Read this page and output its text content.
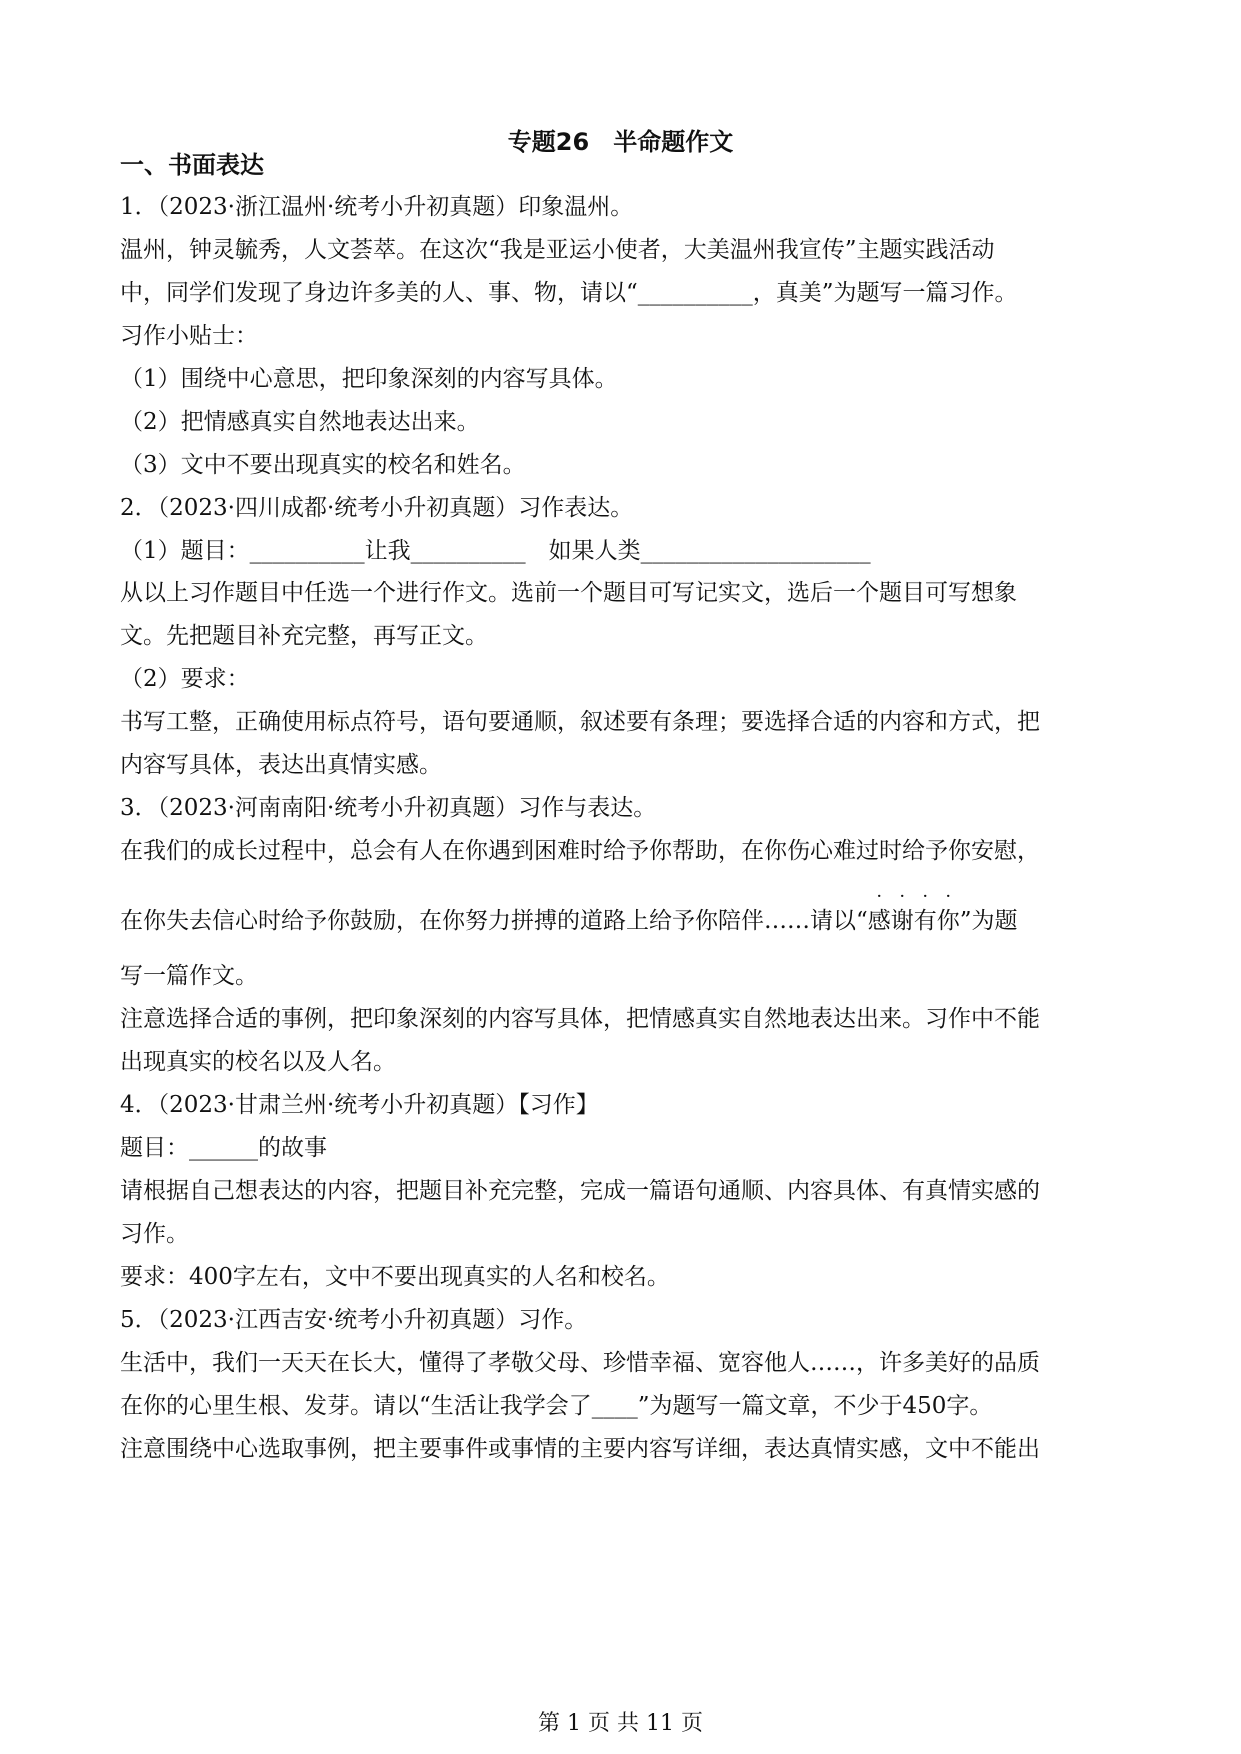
专题26　半命题作文
一、书面表达
1．（2023·浙江温州·统考小升初真题）印象温州。
温州，钟灵毓秀，人文荟萃。在这次“我是亚运小使者，大美温州我宣传”主题实践活动
中，同学们发现了身边许多美的人、事、物，请以“__________，真美”为题写一篇习作。
习作小贴士：
（1）围绕中心意思，把印象深刻的内容写具体。
（2）把情感真实自然地表达出来。
（3）文中不要出现真实的校名和姓名。
2．（2023·四川成都·统考小升初真题）习作表达。
（1）题目：__________让我__________　如果人类____________________
从以上习作题目中任选一个进行作文。选前一个题目可写记实文，选后一个题目可写想象
文。先把题目补充完整，再写正文。
（2）要求：
书写工整，正确使用标点符号，语句要通顺，叙述要有条理；要选择合适的内容和方式，把
内容写具体，表达出真情实感。
3．（2023·河南南阳·统考小升初真题）习作与表达。
在我们的成长过程中，总会有人在你遇到困难时给予你帮助，在你伤心难过时给予你安慰，
在你失去信心时给予你鼓励，在你努力拼搏的道路上给予你陪伴……请以“
· · · ·
感谢有你”为题
写一篇作文。
注意选择合适的事例，把印象深刻的内容写具体，把情感真实自然地表达出来。习作中不能
出现真实的校名以及人名。
4．（2023·甘肃兰州·统考小升初真题）【习作】
题目：______的故事
请根据自己想表达的内容，把题目补充完整，完成一篇语句通顺、内容具体、有真情实感的
习作。
要求：400字左右，文中不要出现真实的人名和校名。
5．（2023·江西吉安·统考小升初真题）习作。
生活中，我们一天天在长大，懂得了孝敬父母、珍惜幸福、宽容他人……，许多美好的品质
在你的心里生根、发芽。请以“生活让我学会了____”为题写一篇文章，不少于450字。
注意围绕中心选取事例，把主要事件或事情的主要内容写详细，表达真情实感，文中不能出
第 1 页 共 11 页
